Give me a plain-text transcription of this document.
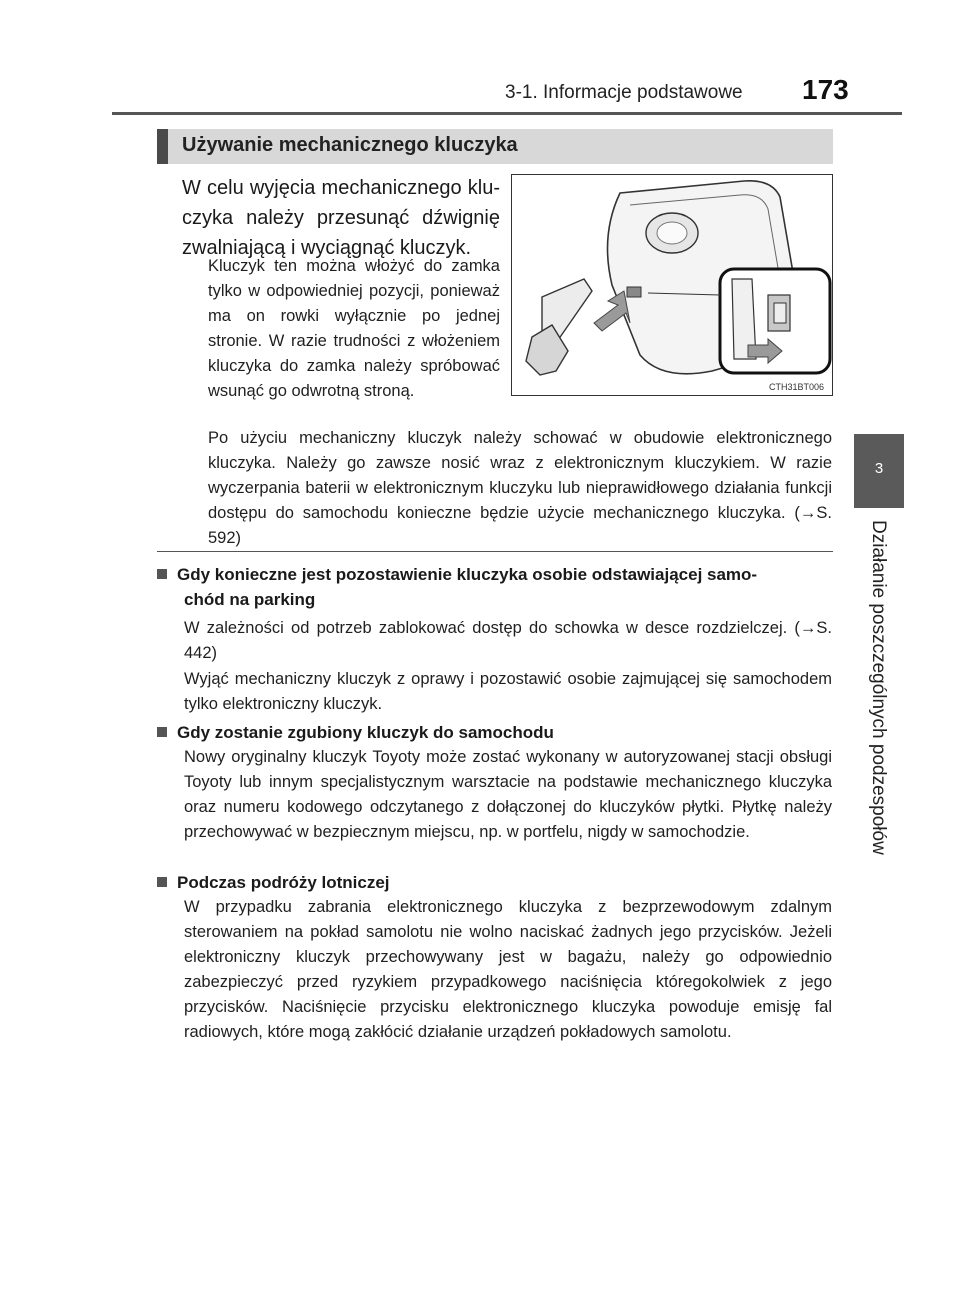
3-1. Informacje podstawowe 173
3
Działanie poszczególnych podzespołów
Używanie mechanicznego kluczyka
W celu wyjęcia mechanicznego klu-
czyka należy przesunąć dźwignię
zwalniającą i wyciągnąć kluczyk.
Kluczyk ten można włożyć do zamka tylko w odpowiedniej pozycji, ponieważ ma on rowki wyłącznie po jednej stronie. W razie trudności z włożeniem kluczyka do zamka należy spróbować wsunąć go odwrotną stroną.	CTH31BT006
Po użyciu mechaniczny kluczyk należy schować w obudowie elektronicznego kluczyka. Należy go zawsze nosić wraz z elektronicznym kluczykiem. W razie wyczerpania baterii w elektronicznym kluczyku lub nieprawidłowego działania funkcji dostępu do samochodu konieczne będzie użycie mechanicznego kluczyka. (→S. 592)
Gdy konieczne jest pozostawienie kluczyka osobie odstawiającej samo-
chód na parking
W zależności od potrzeb zablokować dostęp do schowka w desce rozdzielczej. (→S. 442)
Wyjąć mechaniczny kluczyk z oprawy i pozostawić osobie zajmującej się samochodem tylko elektroniczny kluczyk.
Gdy zostanie zgubiony kluczyk do samochodu
Nowy oryginalny kluczyk Toyoty może zostać wykonany w autoryzowanej stacji obsługi Toyoty lub innym specjalistycznym warsztacie na podstawie mechanicznego kluczyka oraz numeru kodowego odczytanego z dołączonej do kluczyków płytki. Płytkę należy przechowywać w bezpiecznym miejscu, np. w portfelu, nigdy w samochodzie.
Podczas podróży lotniczej
W przypadku zabrania elektronicznego kluczyka z bezprzewodowym zdalnym sterowaniem na pokład samolotu nie wolno naciskać żadnych jego przycisków. Jeżeli elektroniczny kluczyk przechowywany jest w bagażu, należy go odpowiednio zabezpieczyć przed ryzykiem przypadkowego naciśnięcia któregokolwiek z jego przycisków. Naciśnięcie przycisku elektronicznego kluczyka powoduje emisję fal radiowych, które mogą zakłócić działanie urządzeń pokładowych samolotu.
